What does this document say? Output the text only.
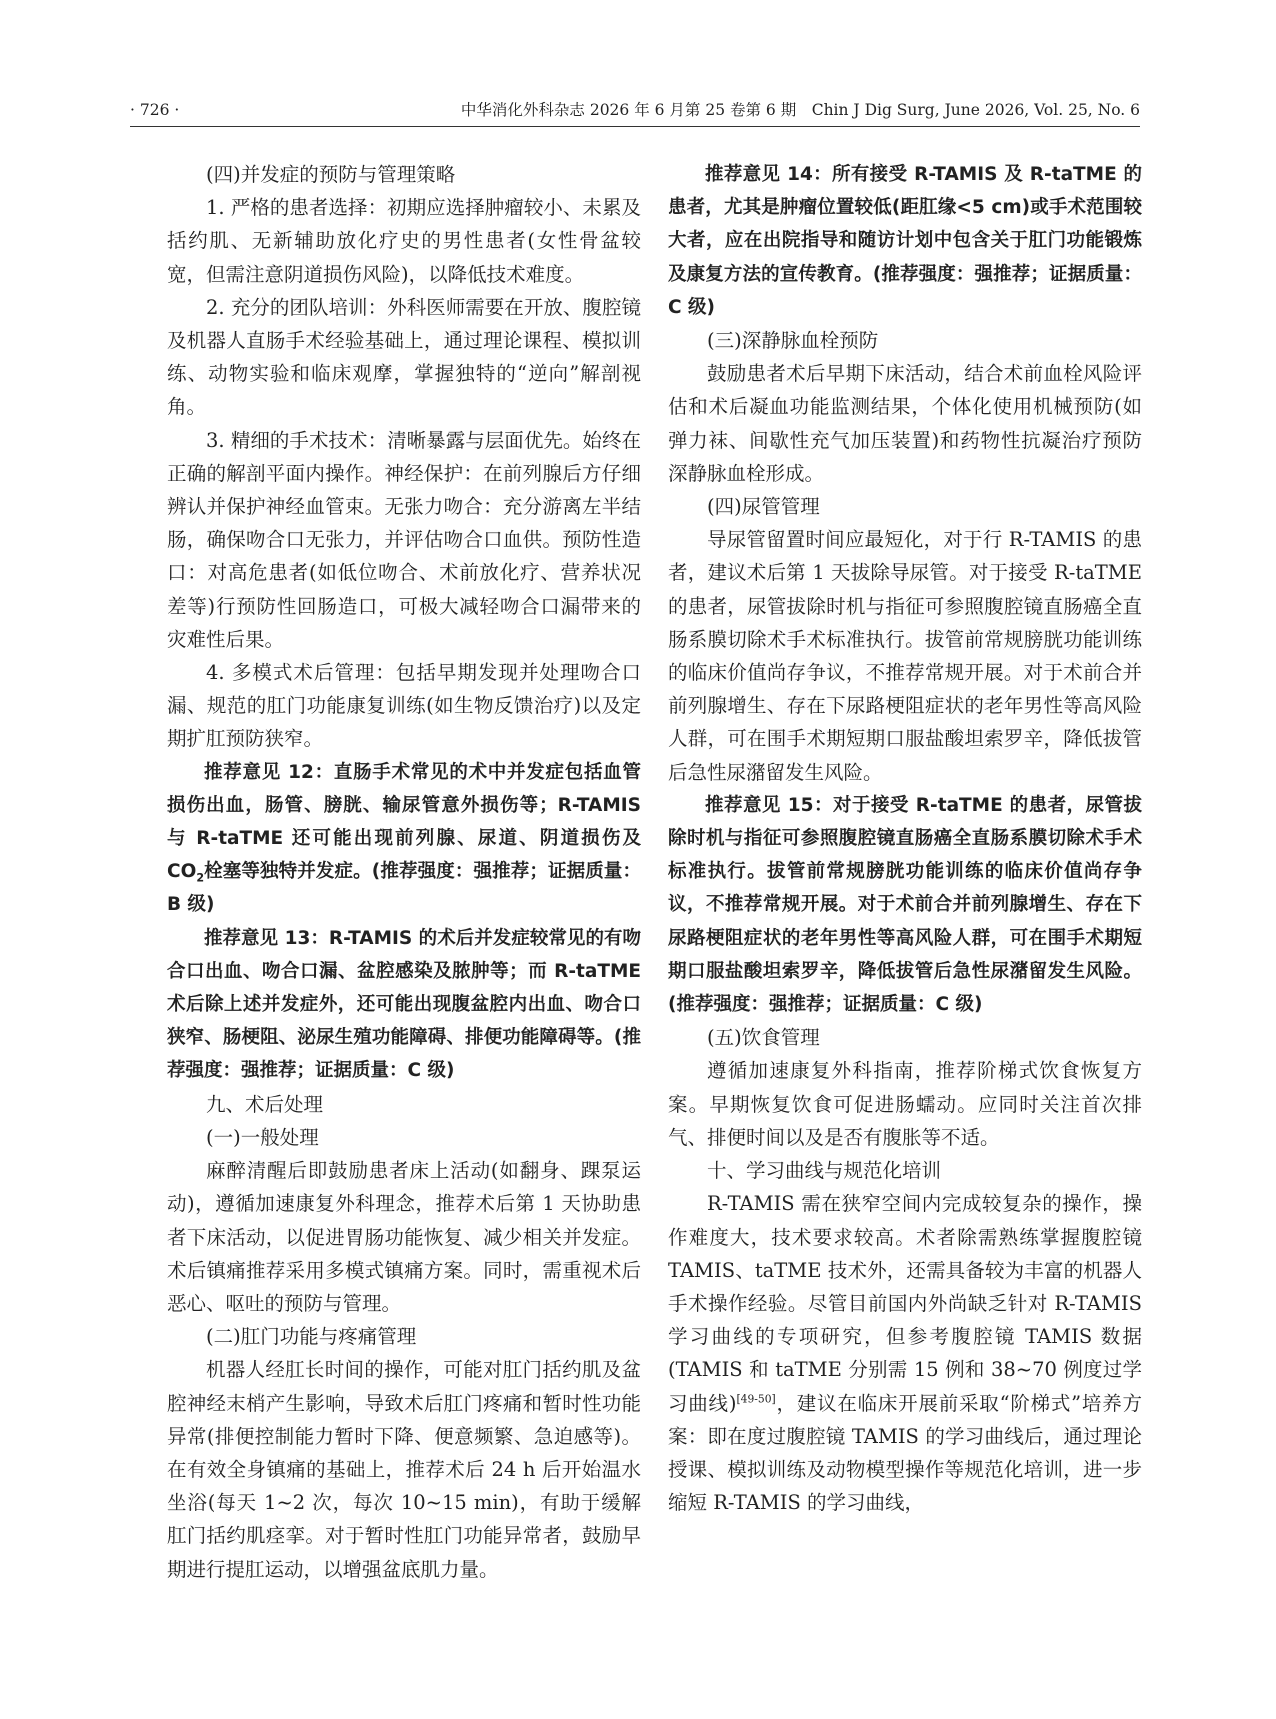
· 726 ·	中华消化外科杂志 2026 年 6 月第 25 卷第 6 期　Chin J Dig Surg, June 2026, Vol. 25, No. 6

(四)并发症的预防与管理策略

1. 严格的患者选择：初期应选择肿瘤较小、未累及括约肌、无新辅助放化疗史的男性患者(女性骨盆较宽，但需注意阴道损伤风险)，以降低技术难度。

2. 充分的团队培训：外科医师需要在开放、腹腔镜及机器人直肠手术经验基础上，通过理论课程、模拟训练、动物实验和临床观摩，掌握独特的“逆向”解剖视角。

3. 精细的手术技术：清晰暴露与层面优先。始终在正确的解剖平面内操作。神经保护：在前列腺后方仔细辨认并保护神经血管束。无张力吻合：充分游离左半结肠，确保吻合口无张力，并评估吻合口血供。预防性造口：对高危患者(如低位吻合、术前放化疗、营养状况差等)行预防性回肠造口，可极大减轻吻合口漏带来的灾难性后果。

4. 多模式术后管理：包括早期发现并处理吻合口漏、规范的肛门功能康复训练(如生物反馈治疗)以及定期扩肛预防狭窄。

推荐意见 12：直肠手术常见的术中并发症包括血管损伤出血，肠管、膀胱、输尿管意外损伤等；R-TAMIS 与 R-taTME 还可能出现前列腺、尿道、阴道损伤及 $CO_2$栓塞等独特并发症。(推荐强度：强推荐；证据质量：B 级)

推荐意见 13：R-TAMIS 的术后并发症较常见的有吻合口出血、吻合口漏、盆腔感染及脓肿等；而 R-taTME 术后除上述并发症外，还可能出现腹盆腔内出血、吻合口狭窄、肠梗阻、泌尿生殖功能障碍、排便功能障碍等。(推荐强度：强推荐；证据质量：C 级)

九、术后处理

(一)一般处理

麻醉清醒后即鼓励患者床上活动(如翻身、踝泵运动)，遵循加速康复外科理念，推荐术后第 1 天协助患者下床活动，以促进胃肠功能恢复、减少相关并发症。术后镇痛推荐采用多模式镇痛方案。同时，需重视术后恶心、呕吐的预防与管理。

(二)肛门功能与疼痛管理

机器人经肛长时间的操作，可能对肛门括约肌及盆腔神经末梢产生影响，导致术后肛门疼痛和暂时性功能异常(排便控制能力暂时下降、便意频繁、急迫感等)。在有效全身镇痛的基础上，推荐术后 24 h 后开始温水坐浴(每天 1~2 次，每次 10~15 min)，有助于缓解肛门括约肌痉挛。对于暂时性肛门功能异常者，鼓励早期进行提肛运动，以增强盆底肌力量。

推荐意见 14：所有接受 R-TAMIS 及 R-taTME 的患者，尤其是肿瘤位置较低(距肛缘<5 cm)或手术范围较大者，应在出院指导和随访计划中包含关于肛门功能锻炼及康复方法的宣传教育。(推荐强度：强推荐；证据质量：C 级)

(三)深静脉血栓预防

鼓励患者术后早期下床活动，结合术前血栓风险评估和术后凝血功能监测结果，个体化使用机械预防(如弹力袜、间歇性充气加压装置)和药物性抗凝治疗预防深静脉血栓形成。

(四)尿管管理

导尿管留置时间应最短化，对于行 R-TAMIS 的患者，建议术后第 1 天拔除导尿管。对于接受 R-taTME 的患者，尿管拔除时机与指征可参照腹腔镜直肠癌全直肠系膜切除术手术标准执行。拔管前常规膀胱功能训练的临床价值尚存争议，不推荐常规开展。对于术前合并前列腺增生、存在下尿路梗阻症状的老年男性等高风险人群，可在围手术期短期口服盐酸坦索罗辛，降低拔管后急性尿潴留发生风险。

推荐意见 15：对于接受 R-taTME 的患者，尿管拔除时机与指征可参照腹腔镜直肠癌全直肠系膜切除术手术标准执行。拔管前常规膀胱功能训练的临床价值尚存争议，不推荐常规开展。对于术前合并前列腺增生、存在下尿路梗阻症状的老年男性等高风险人群，可在围手术期短期口服盐酸坦索罗辛，降低拔管后急性尿潴留发生风险。(推荐强度：强推荐；证据质量：C 级)

(五)饮食管理

遵循加速康复外科指南，推荐阶梯式饮食恢复方案。早期恢复饮食可促进肠蠕动。应同时关注首次排气、排便时间以及是否有腹胀等不适。

十、学习曲线与规范化培训

R-TAMIS 需在狭窄空间内完成较复杂的操作，操作难度大，技术要求较高。术者除需熟练掌握腹腔镜 TAMIS、taTME 技术外，还需具备较为丰富的机器人手术操作经验。尽管目前国内外尚缺乏针对 R-TAMIS 学习曲线的专项研究，但参考腹腔镜 TAMIS 数据(TAMIS 和 taTME 分别需 15 例和 38~70 例度过学习曲线)[49-50]，建议在临床开展前采取“阶梯式”培养方案：即在度过腹腔镜 TAMIS 的学习曲线后，通过理论授课、模拟训练及动物模型操作等规范化培训，进一步缩短 R-TAMIS 的学习曲线，
